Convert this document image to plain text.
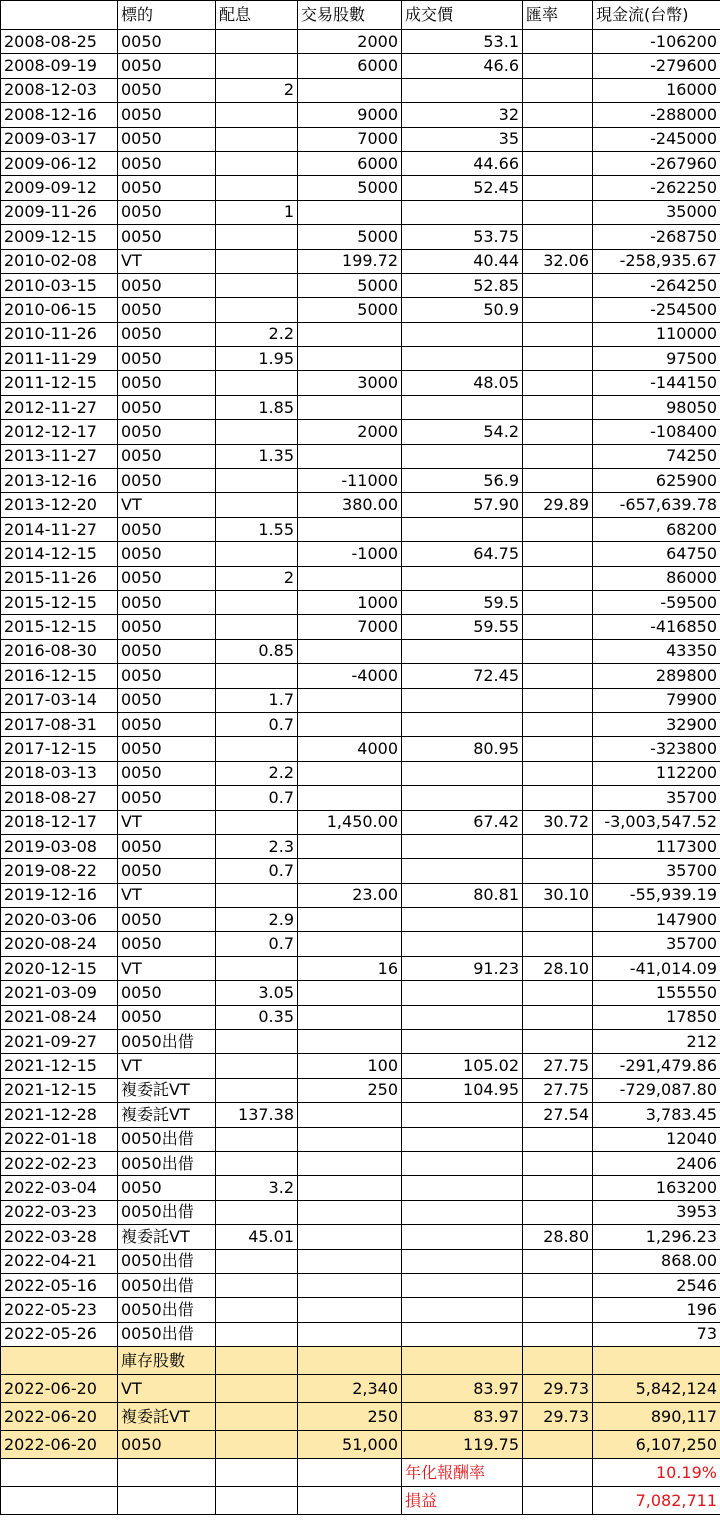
	標的	配息	交易股數	成交價	匯率	現金流(台幣)
2008-08-25	0050		2000	53.1		-106200
2008-09-19	0050		6000	46.6		-279600
2008-12-03	0050	2				16000
2008-12-16	0050		9000	32		-288000
2009-03-17	0050		7000	35		-245000
2009-06-12	0050		6000	44.66		-267960
2009-09-12	0050		5000	52.45		-262250
2009-11-26	0050	1				35000
2009-12-15	0050		5000	53.75		-268750
2010-02-08	VT		199.72	40.44	32.06	-258,935.67
2010-03-15	0050		5000	52.85		-264250
2010-06-15	0050		5000	50.9		-254500
2010-11-26	0050	2.2				110000
2011-11-29	0050	1.95				97500
2011-12-15	0050		3000	48.05		-144150
2012-11-27	0050	1.85				98050
2012-12-17	0050		2000	54.2		-108400
2013-11-27	0050	1.35				74250
2013-12-16	0050		-11000	56.9		625900
2013-12-20	VT		380.00	57.90	29.89	-657,639.78
2014-11-27	0050	1.55				68200
2014-12-15	0050		-1000	64.75		64750
2015-11-26	0050	2				86000
2015-12-15	0050		1000	59.5		-59500
2015-12-15	0050		7000	59.55		-416850
2016-08-30	0050	0.85				43350
2016-12-15	0050		-4000	72.45		289800
2017-03-14	0050	1.7				79900
2017-08-31	0050	0.7				32900
2017-12-15	0050		4000	80.95		-323800
2018-03-13	0050	2.2				112200
2018-08-27	0050	0.7				35700
2018-12-17	VT		1,450.00	67.42	30.72	-3,003,547.52
2019-03-08	0050	2.3				117300
2019-08-22	0050	0.7				35700
2019-12-16	VT		23.00	80.81	30.10	-55,939.19
2020-03-06	0050	2.9				147900
2020-08-24	0050	0.7				35700
2020-12-15	VT		16	91.23	28.10	-41,014.09
2021-03-09	0050	3.05				155550
2021-08-24	0050	0.35				17850
2021-09-27	0050出借					212
2021-12-15	VT		100	105.02	27.75	-291,479.86
2021-12-15	複委託VT		250	104.95	27.75	-729,087.80
2021-12-28	複委託VT	137.38			27.54	3,783.45
2022-01-18	0050出借					12040
2022-02-23	0050出借					2406
2022-03-04	0050	3.2				163200
2022-03-23	0050出借					3953
2022-03-28	複委託VT	45.01			28.80	1,296.23
2022-04-21	0050出借					868.00
2022-05-16	0050出借					2546
2022-05-23	0050出借					196
2022-05-26	0050出借					73
	庫存股數					
2022-06-20	VT		2,340	83.97	29.73	5,842,124
2022-06-20	複委託VT		250	83.97	29.73	890,117
2022-06-20	0050		51,000	119.75		6,107,250
				年化報酬率		10.19%
				損益		7,082,711
